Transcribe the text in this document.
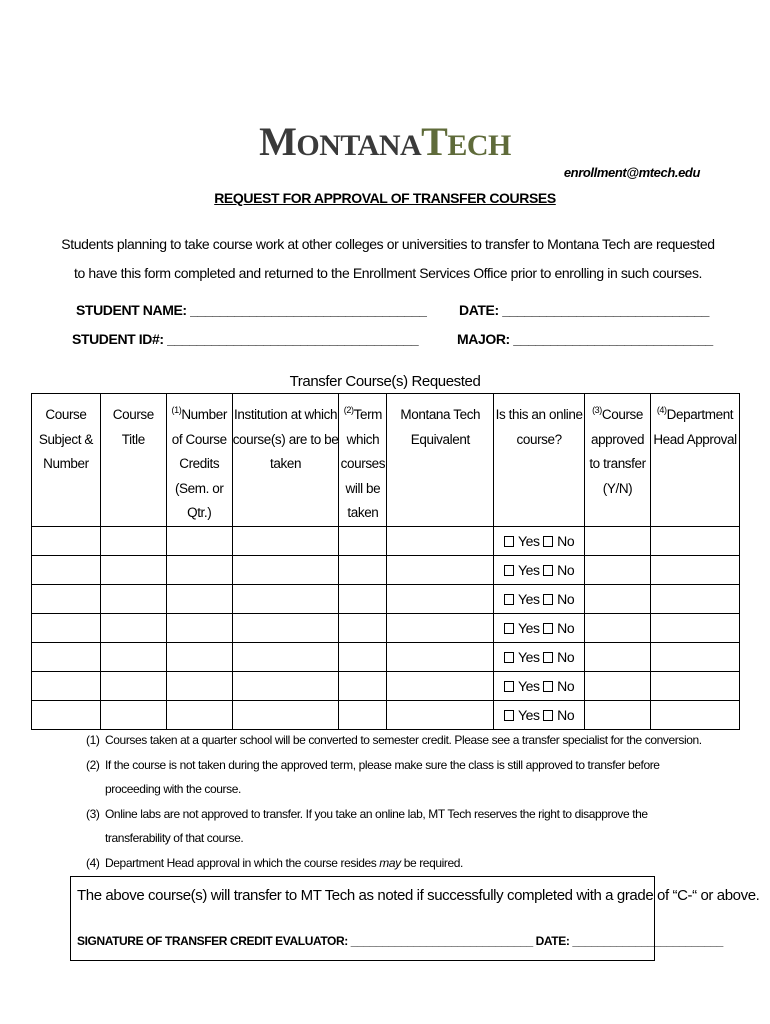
MONTANATECH
enrollment@mtech.edu
REQUEST FOR APPROVAL OF TRANSFER COURSES
Students planning to take course work at other colleges or universities to transfer to Montana Tech are requested to have this form completed and returned to the Enrollment Services Office prior to enrolling in such courses.
STUDENT NAME: ________________________________
STUDENT ID#: __________________________________
DATE: ____________________________
MAJOR: ___________________________
Transfer Course(s) Requested
Course Subject & Number	Course Title	$^{(1)}$Number of Course Credits (Sem. or Qtr.)	Institution at which course(s) are to be taken	$^{(2)}$Term which courses will be taken	Montana Tech Equivalent	Is this an online course?	$^{(3)}$Course approved to transfer (Y/N)	$^{(4)}$Department Head Approval
						Yes No		
						Yes No		
						Yes No		
						Yes No		
						Yes No		
						Yes No		
						Yes No		
(1) Courses taken at a quarter school will be converted to semester credit. Please see a transfer specialist for the conversion.
(2) If the course is not taken during the approved term, please make sure the class is still approved to transfer before proceeding with the course.
(3) Online labs are not approved to transfer. If you take an online lab, MT Tech reserves the right to disapprove the transferability of that course.
(4) Department Head approval in which the course resides may be required.
The above course(s) will transfer to MT Tech as noted if successfully completed with a grade of “C-“ or above.
SIGNATURE OF TRANSFER CREDIT EVALUATOR: _____________________________ DATE: ________________________
